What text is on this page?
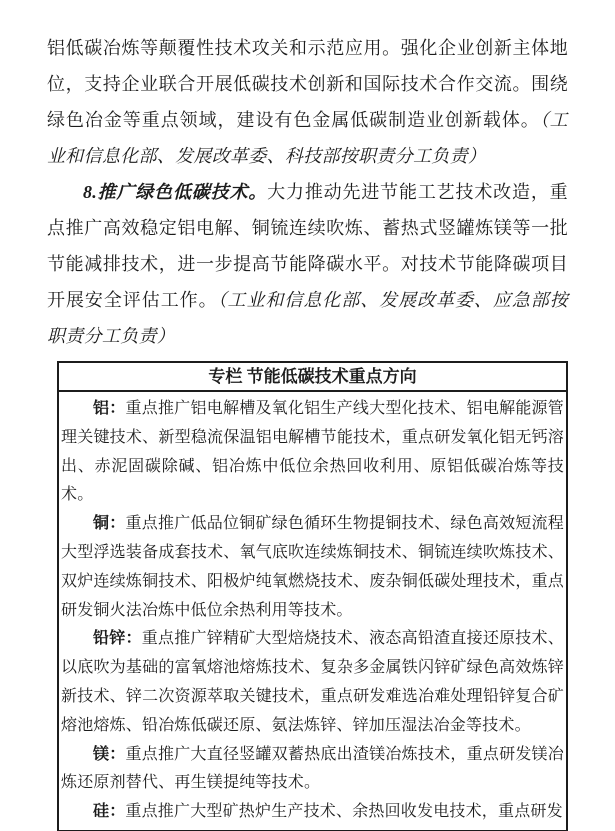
铝低碳冶炼等颠覆性技术攻关和示范应用。强化企业创新主体地位，支持企业联合开展低碳技术创新和国际技术合作交流。围绕绿色冶金等重点领域，建设有色金属低碳制造业创新载体。（工业和信息化部、发展改革委、科技部按职责分工负责）

8.推广绿色低碳技术。大力推动先进节能工艺技术改造，重点推广高效稳定铝电解、铜锍连续吹炼、蓄热式竖罐炼镁等一批节能减排技术，进一步提高节能降碳水平。对技术节能降碳项目开展安全评估工作。（工业和信息化部、发展改革委、应急部按职责分工负责）

专栏 节能低碳技术重点方向

铝：重点推广铝电解槽及氧化铝生产线大型化技术、铝电解能源管理关键技术、新型稳流保温铝电解槽节能技术，重点研发氧化铝无钙溶出、赤泥固碳除碱、铝冶炼中低位余热回收利用、原铝低碳冶炼等技术。

铜：重点推广低品位铜矿绿色循环生物提铜技术、绿色高效短流程大型浮选装备成套技术、氧气底吹连续炼铜技术、铜锍连续吹炼技术、双炉连续炼铜技术、阳极炉纯氧燃烧技术、废杂铜低碳处理技术，重点研发铜火法冶炼中低位余热利用等技术。

铅锌：重点推广锌精矿大型焙烧技术、液态高铅渣直接还原技术、以底吹为基础的富氧熔池熔炼技术、复杂多金属铁闪锌矿绿色高效炼锌新技术、锌二次资源萃取关键技术，重点研发难选冶难处理铅锌复合矿熔池熔炼、铅冶炼低碳还原、氨法炼锌、锌加压湿法冶金等技术。

镁：重点推广大直径竖罐双蓄热底出渣镁冶炼技术，重点研发镁冶炼还原剂替代、再生镁提纯等技术。

硅：重点推广大型矿热炉生产技术、余热回收发电技术，重点研发
